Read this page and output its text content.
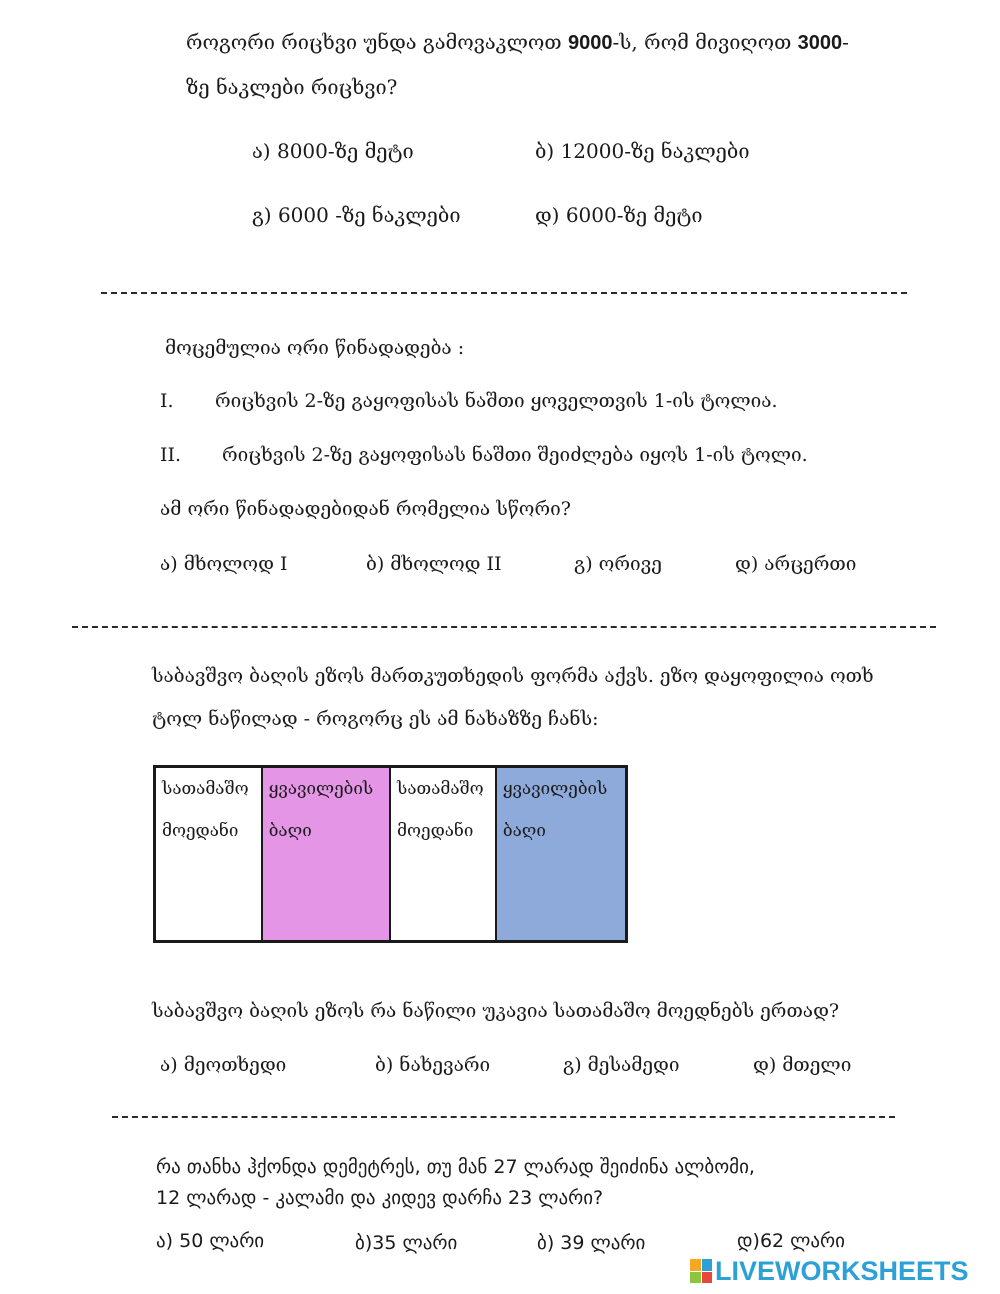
როგორი რიცხვი უნდა გამოვაკლოთ 9000-ს, რომ მივიღოთ 3000-
ზე ნაკლები რიცხვი?
ა) 8000-ზე მეტი	ბ) 12000-ზე ნაკლები
გ) 6000 -ზე ნაკლები	დ) 6000-ზე მეტი
მოცემულია ორი წინადადება :
I. რიცხვის 2-ზე გაყოფისას ნაშთი ყოველთვის 1-ის ტოლია.
II. რიცხვის 2-ზე გაყოფისას ნაშთი შეიძლება იყოს 1-ის ტოლი.
ამ ორი წინადადებიდან რომელია სწორი?
ა) მხოლოდ I	ბ) მხოლოდ II	გ) ორივე	დ) არცერთი
საბავშვო ბაღის ეზოს მართკუთხედის ფორმა აქვს. ეზო დაყოფილია ოთხ
ტოლ ნაწილად - როგორც ეს ამ ნახაზზე ჩანს:
სათამაშო
მოედანი

ყვავილების
ბაღი

სათამაშო
მოედანი

ყვავილების
ბაღი
საბავშვო ბაღის ეზოს რა ნაწილი უკავია სათამაშო მოედნებს ერთად?
ა) მეოთხედი	ბ) ნახევარი	გ) მესამედი	დ) მთელი
რა თანხა ჰქონდა დემეტრეს, თუ მან 27 ლარად შეიძინა ალბომი,
12 ლარად - კალამი და კიდევ დარჩა 23 ლარი?
ა) 50 ლარი	ბ)35 ლარი	ბ) 39 ლარი	დ)62 ლარი
LIVEWORKSHEETS
